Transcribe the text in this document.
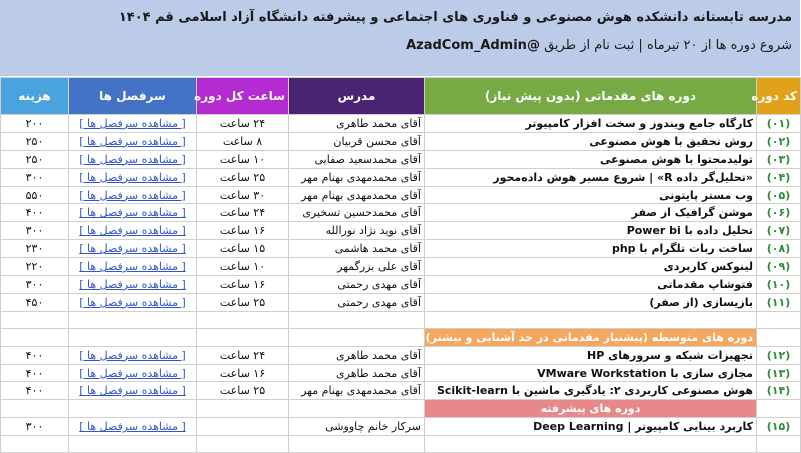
مدرسه تابستانه دانشکده هوش مصنوعی و فناوری های اجتماعی و پیشرفته دانشگاه آزاد اسلامی قم ۱۴۰۴
شروع دوره ها از ۲۰ تیرماه | ثبت نام از طریق @AzadCom_Admin
کد دوره	دوره های مقدماتی (بدون پیش نیاز)	مدرس	ساعت کل دوره	سرفصل ها	هزینه
(۰۱)	کارگاه جامع ویندوز و سخت افزار کامپیوتر	آقای محمد طاهری	۲۴ ساعت	[ مشاهده سرفصل ها ]	۲۰۰
(۰۲)	روش تحقیق با هوش مصنوعی	آقای محسن قربیان	۸ ساعت	[ مشاهده سرفصل ها ]	۲۵۰
(۰۳)	تولیدمحتوا با هوش مصنوعی	آقای محمدسعید صفایی	۱۰ ساعت	[ مشاهده سرفصل ها ]	۲۵۰
(۰۴)	«تحلیل‌گر داده R» | شروع مسیر هوش داده‌محور	آقای محمدمهدی بهنام مهر	۲۵ ساعت	[ مشاهده سرفصل ها ]	۳۰۰
(۰۵)	وب مستر پایتونی	آقای محمدمهدی بهنام مهر	۳۰ ساعت	[ مشاهده سرفصل ها ]	۵۵۰
(۰۶)	موشن گرافیک از صفر	آقای محمدحسین تسخیری	۲۴ ساعت	[ مشاهده سرفصل ها ]	۴۰۰
(۰۷)	تحلیل داده با Power bi	آقای نوید نژاد نورالله	۱۶ ساعت	[ مشاهده سرفصل ها ]	۳۰۰
(۰۸)	ساخت ربات تلگرام با php	آقای محمد هاشمی	۱۵ ساعت	[ مشاهده سرفصل ها ]	۲۳۰
(۰۹)	لینوکس کاربردی	آقای علی بزرگمهر	۱۰ ساعت	[ مشاهده سرفصل ها ]	۲۲۰
(۱۰)	فتوشاپ مقدماتی	آقای مهدی رحمتی	۱۶ ساعت	[ مشاهده سرفصل ها ]	۳۰۰
(۱۱)	بازیسازی (از صفر)	آقای مهدی رحمتی	۲۵ ساعت	[ مشاهده سرفصل ها ]	۴۵۰

	دوره های متوسطه (پیشنیاز مقدماتی در حد آشنایی و بیشتر)				
(۱۲)	تجهیزات شبکه و سرورهای HP	آقای محمد طاهری	۲۴ ساعت	[ مشاهده سرفصل ها ]	۴۰۰
(۱۳)	مجازی سازی با VMware Workstation	آقای محمد طاهری	۱۶ ساعت	[ مشاهده سرفصل ها ]	۴۰۰
(۱۴)	هوش مصنوعی کاربردی ۲: یادگیری ماشین با Scikit-learn	آقای محمدمهدی بهنام مهر	۲۵ ساعت	[ مشاهده سرفصل ها ]	۴۰۰
	دوره های پیشرفته				
(۱۵)	کاربرد بینایی کامپیوتر | Deep Learning	سرکار خانم چاووشی		[ مشاهده سرفصل ها ]	۳۰۰
